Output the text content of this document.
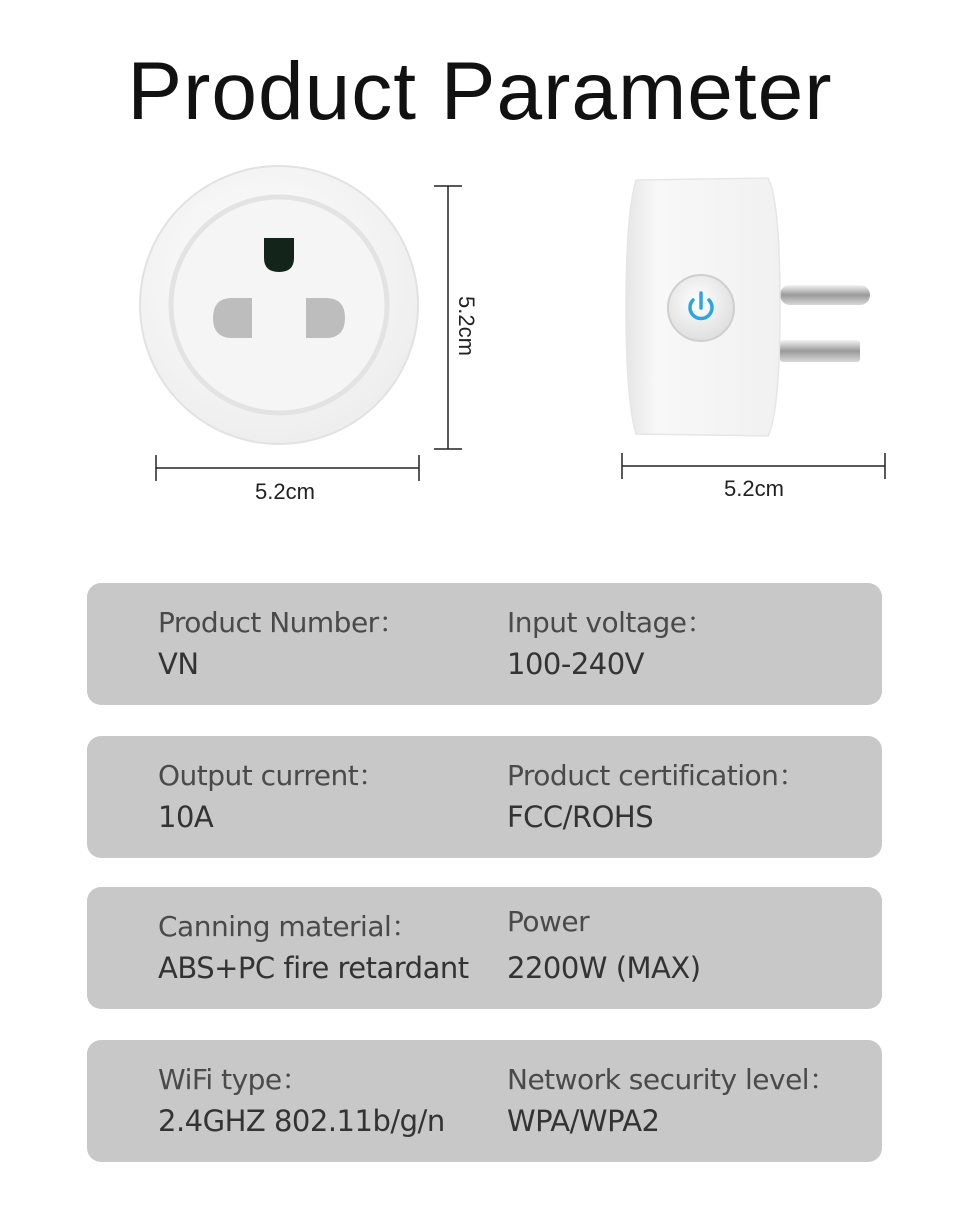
Product Parameter
5.2cm
5.2cm	5.2cm
Product Number：
VN
Input voltage：
100-240V
Output current：
10A
Product certification：
FCC/ROHS
Canning material：
ABS+PC fire retardant
Power
2200W (MAX)
WiFi type：
2.4GHZ 802.11b/g/n
Network security level：
WPA/WPA2
